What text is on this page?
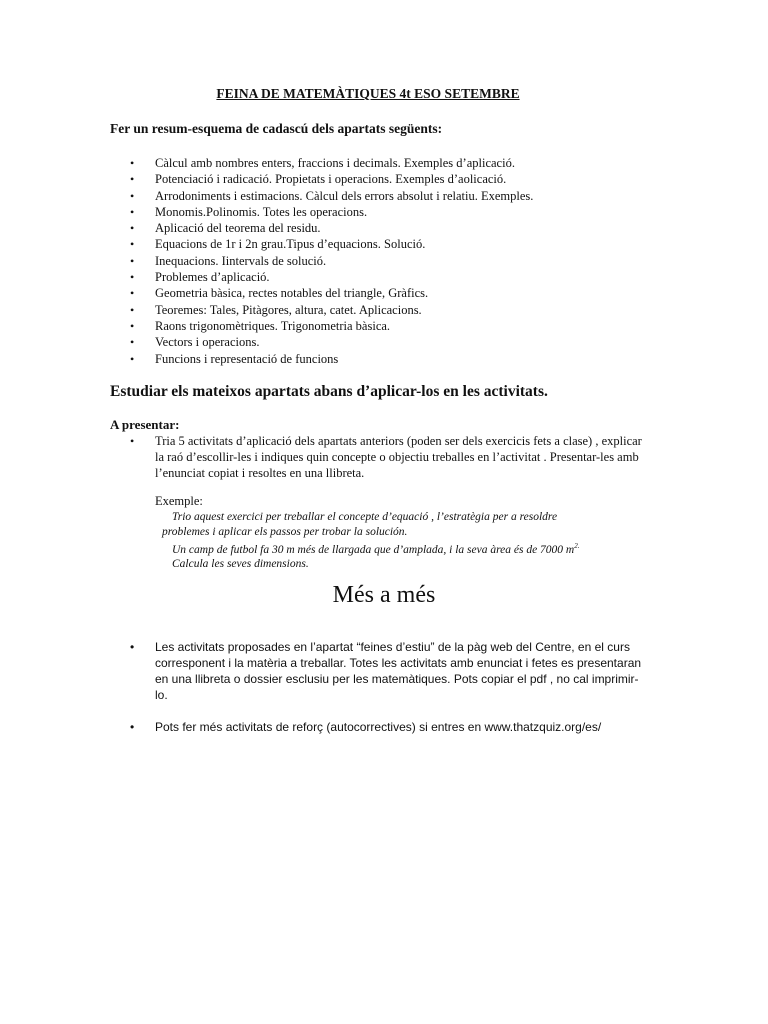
FEINA DE MATEMÀTIQUES 4t ESO SETEMBRE

Fer un resum-esquema de cadascú dels apartats següents:

• Càlcul amb nombres enters, fraccions i decimals. Exemples d’aplicació.
• Potenciació i radicació. Propietats i operacions. Exemples d’aolicació.
• Arrodoniments i estimacions. Càlcul dels errors absolut i relatiu. Exemples.
• Monomis.Polinomis. Totes les operacions.
• Aplicació del teorema del residu.
• Equacions de 1r i 2n grau.Tipus d’equacions. Solució.
• Inequacions. Iintervals de solució.
• Problemes d’aplicació.
• Geometria bàsica, rectes notables del triangle, Gràfics.
• Teoremes: Tales, Pitàgores, altura, catet. Aplicacions.
• Raons trigonomètriques. Trigonometria bàsica.
• Vectors i operacions.
• Funcions i representació de funcions
Estudiar els mateixos apartats abans d’aplicar-los en les activitats.

A presentar:

• Tria 5 activitats d’aplicació dels apartats anteriors (poden ser dels exercicis fets a clase) , explicar la raó d’escollir-les i indiques quin concepte o objectiu treballes en l’activitat . Presentar-les amb l’enunciat copiat i resoltes en una llibreta.

Exemple:

Trio aquest exercici per treballar el concepte d’equació , l’estratègia per a resoldre
problemes i aplicar els passos per trobar la solución.
Un camp de futbol fa 30 m més de llargada que d’amplada, i la seva àrea és de 7000 $m^{2.}$
Calcula les seves dimensions.
Més a més
• Les activitats proposades en l’apartat “feines d’estiu” de la pàg web del Centre, en el curs corresponent i la matèria a treballar. Totes les activitats amb enunciat i fetes es presentaran en una llibreta o dossier esclusiu per les matemàtiques. Pots copiar el pdf , no cal imprimir-lo.
• Pots fer més activitats de reforç (autocorrectives) si entres en www.thatzquiz.org/es/
